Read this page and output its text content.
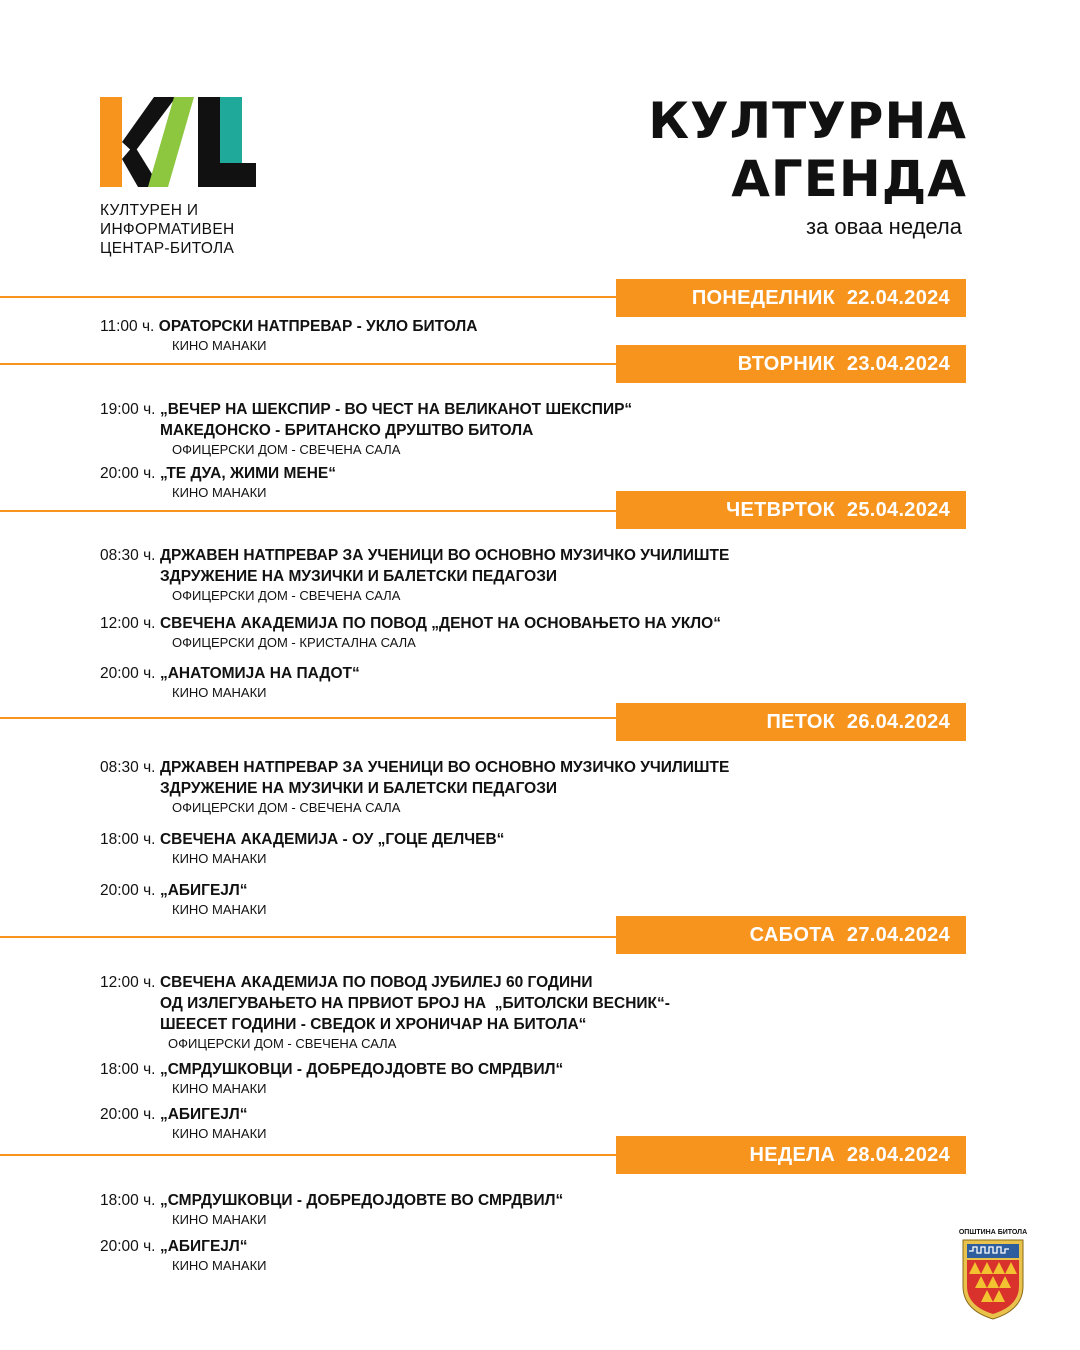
КУЛТУРЕН И
ИНФОРМАТИВЕН
ЦЕНТАР-БИТОЛА
КУЛТУРНА
АГЕНДА
за оваа недела
ПОНЕДЕЛНИК  22.04.2024
11:00 ч.
ОРАТОРСКИ НАТПРЕВАР - УКЛО БИТОЛА
КИНО МАНАКИ
ВТОРНИК  23.04.2024
19:00 ч.
„ВЕЧЕР НА ШЕКСПИР - ВО ЧЕСТ НА ВЕЛИКАНОТ ШЕКСПИР“
МАКЕДОНСКО - БРИТАНСКО ДРУШТВО БИТОЛА
ОФИЦЕРСКИ ДОМ - СВЕЧЕНА САЛА
20:00 ч.
„ТЕ ДУА, ЖИМИ МЕНЕ“
КИНО МАНАКИ
ЧЕТВРТОК  25.04.2024
08:30 ч.
ДРЖАВЕН НАТПРЕВАР ЗА УЧЕНИЦИ ВО ОСНОВНО МУЗИЧКО УЧИЛИШТЕ
ЗДРУЖЕНИЕ НА МУЗИЧКИ И БАЛЕТСКИ ПЕДАГОЗИ
ОФИЦЕРСКИ ДОМ - СВЕЧЕНА САЛА
12:00 ч.
СВЕЧЕНА АКАДЕМИЈА ПО ПОВОД „ДЕНОТ НА ОСНОВАЊЕТО НА УКЛО“
ОФИЦЕРСКИ ДОМ - КРИСТАЛНА САЛА
20:00 ч.
„АНАТОМИЈА НА ПАДОТ“
КИНО МАНАКИ
ПЕТОК  26.04.2024
08:30 ч.
ДРЖАВЕН НАТПРЕВАР ЗА УЧЕНИЦИ ВО ОСНОВНО МУЗИЧКО УЧИЛИШТЕ
ЗДРУЖЕНИЕ НА МУЗИЧКИ И БАЛЕТСКИ ПЕДАГОЗИ
ОФИЦЕРСКИ ДОМ - СВЕЧЕНА САЛА
18:00 ч.
СВЕЧЕНА АКАДЕМИЈА - ОУ „ГОЦЕ ДЕЛЧЕВ“
КИНО МАНАКИ
20:00 ч.
„АБИГЕЈЛ“
КИНО МАНАКИ
САБОТА  27.04.2024
12:00 ч.
СВЕЧЕНА АКАДЕМИЈА ПО ПОВОД ЈУБИЛЕЈ 60 ГОДИНИ
ОД ИЗЛЕГУВАЊЕТО НА ПРВИОТ БРОЈ НА  „БИТОЛСКИ ВЕСНИК“-
ШЕЕСЕТ ГОДИНИ - СВЕДОК И ХРОНИЧАР НА БИТОЛА“
ОФИЦЕРСКИ ДОМ - СВЕЧЕНА САЛА
18:00 ч.
„СМРДУШКОВЦИ - ДОБРЕДОЈДОВТЕ ВО СМРДВИЛ“
КИНО МАНАКИ
20:00 ч.
„АБИГЕЈЛ“
КИНО МАНАКИ
НЕДЕЛА  28.04.2024
18:00 ч.
„СМРДУШКОВЦИ - ДОБРЕДОЈДОВТЕ ВО СМРДВИЛ“
КИНО МАНАКИ
20:00 ч.
„АБИГЕЈЛ“
КИНО МАНАКИ
ОПШТИНА БИТОЛА
